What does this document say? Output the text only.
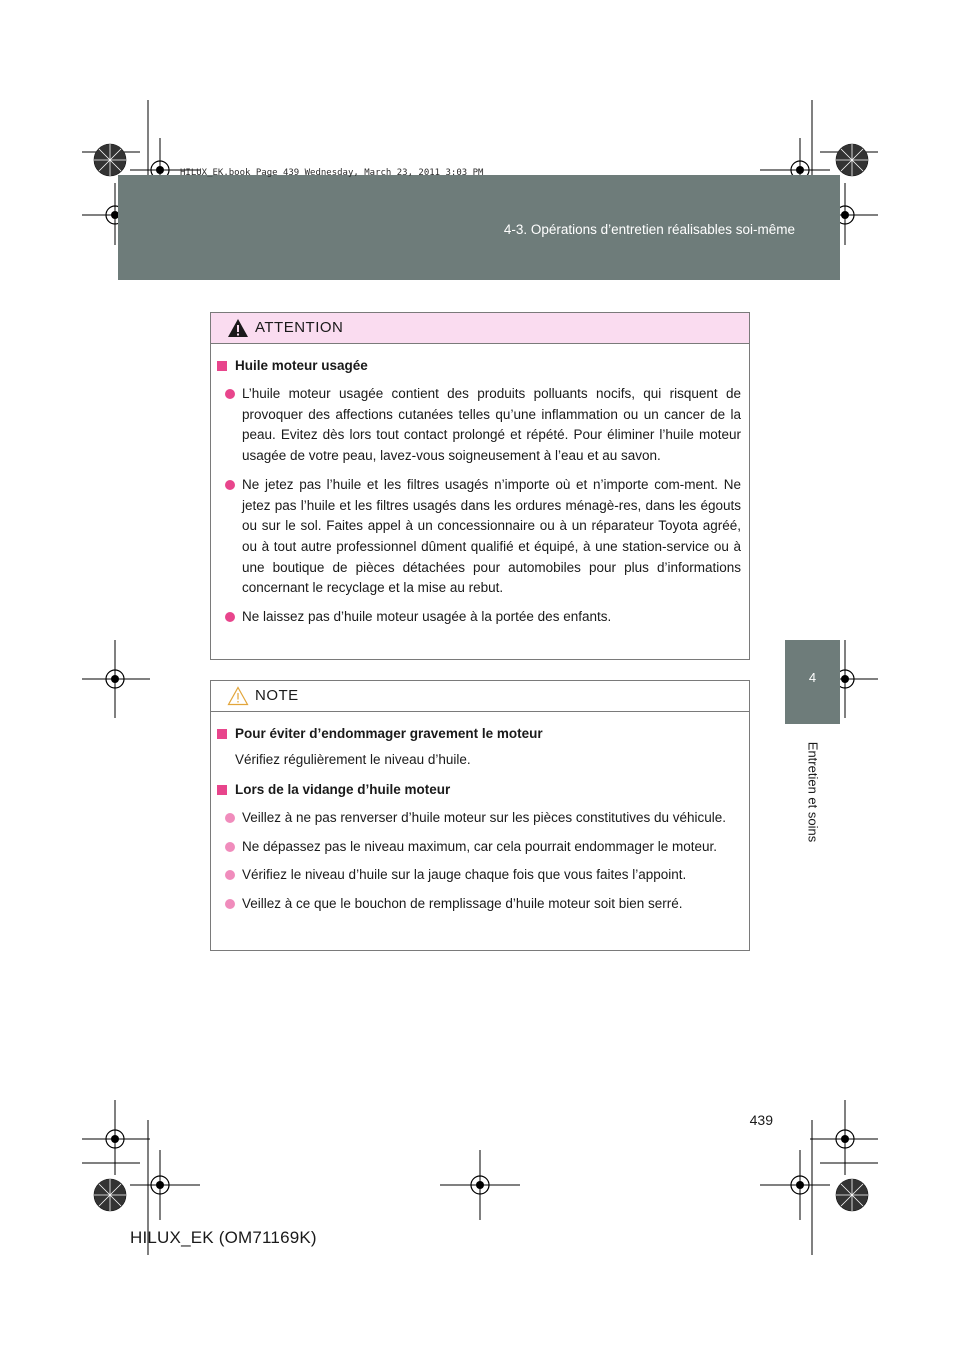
4-3. Opérations d’entretien réalisables soi-même
HILUX_EK.book Page 439 Wednesday, March 23, 2011 3:03 PM
4
Entretien et soins
ATTENTION
Huile moteur usagée
L’huile moteur usagée contient des produits polluants nocifs, qui risquent de provoquer des affections cutanées telles qu’une inflammation ou un cancer de la peau. Evitez dès lors tout contact prolongé et répété. Pour éliminer l’huile moteur usagée de votre peau, lavez-vous soigneusement à l’eau et au savon.
Ne jetez pas l’huile et les filtres usagés n’importe où et n’importe com-ment. Ne jetez pas l’huile et les filtres usagés dans les ordures ménagè-res, dans les égouts ou sur le sol. Faites appel à un concessionnaire ou à un réparateur Toyota agréé, ou à tout autre professionnel dûment qualifié et équipé, à une station-service ou à une boutique de pièces détachées pour automobiles pour plus d’informations concernant le recyclage et la mise au rebut.
Ne laissez pas d’huile moteur usagée à la portée des enfants.
NOTE
Pour éviter d’endommager gravement le moteur
Vérifiez régulièrement le niveau d’huile.
Lors de la vidange d’huile moteur
Veillez à ne pas renverser d’huile moteur sur les pièces constitutives du véhicule.
Ne dépassez pas le niveau maximum, car cela pourrait endommager le moteur.
Vérifiez le niveau d’huile sur la jauge chaque fois que vous faites l’appoint.
Veillez à ce que le bouchon de remplissage d’huile moteur soit bien serré.
439
HILUX_EK (OM71169K)
